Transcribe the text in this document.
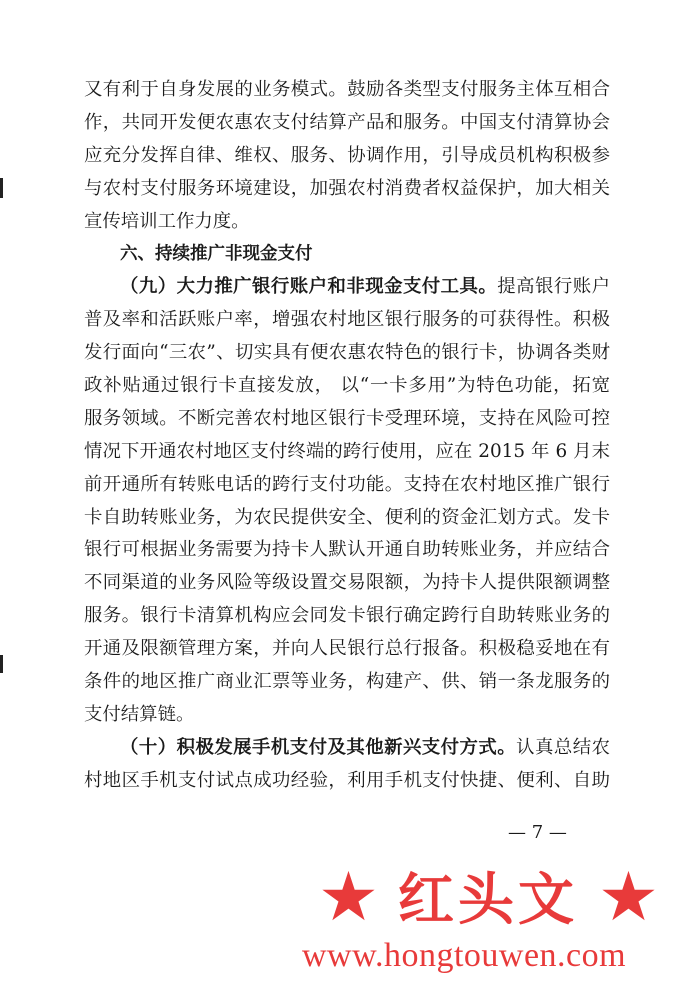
又有利于自身发展的业务模式。鼓励各类型支付服务主体互相合
作，共同开发便农惠农支付结算产品和服务。中国支付清算协会
应充分发挥自律、维权、服务、协调作用，引导成员机构积极参
与农村支付服务环境建设，加强农村消费者权益保护，加大相关
宣传培训工作力度。
六、持续推广非现金支付
（九）大力推广银行账户和非现金支付工具。提高银行账户
普及率和活跃账户率，增强农村地区银行服务的可获得性。积极
发行面向“三农”、切实具有便农惠农特色的银行卡，协调各类财
政补贴通过银行卡直接发放， 以“一卡多用”为特色功能，拓宽
服务领域。不断完善农村地区银行卡受理环境，支持在风险可控
情况下开通农村地区支付终端的跨行使用，应在 2015 年 6 月末
前开通所有转账电话的跨行支付功能。支持在农村地区推广银行
卡自助转账业务，为农民提供安全、便利的资金汇划方式。发卡
银行可根据业务需要为持卡人默认开通自助转账业务，并应结合
不同渠道的业务风险等级设置交易限额，为持卡人提供限额调整
服务。银行卡清算机构应会同发卡银行确定跨行自助转账业务的
开通及限额管理方案，并向人民银行总行报备。积极稳妥地在有
条件的地区推广商业汇票等业务，构建产、供、销一条龙服务的
支付结算链。
（十）积极发展手机支付及其他新兴支付方式。认真总结农
村地区手机支付试点成功经验，利用手机支付快捷、便利、自助
— 7 —
★ 红头文 ★
www.hongtouwen.com
